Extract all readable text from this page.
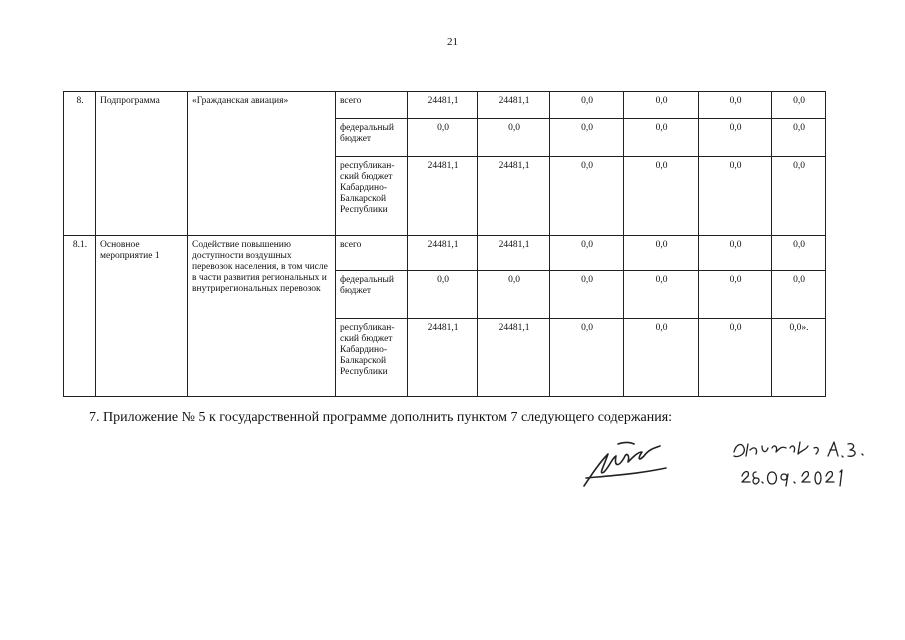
21
8.	Подпрограмма	«Гражданская авиация»	всего	24481,1	24481,1	0,0	0,0	0,0	0,0
			федеральный бюджет	0,0	0,0	0,0	0,0	0,0	0,0
			республикан-ский бюджет Кабардино-Балкарской Республики	24481,1	24481,1	0,0	0,0	0,0	0,0
8.1.	Основное мероприятие 1	Содействие повышению доступности воздушных перевозок населения, в том числе в части развития региональных и внутрирегиональных перевозок	всего	24481,1	24481,1	0,0	0,0	0,0	0,0
			федеральный бюджет	0,0	0,0	0,0	0,0	0,0	0,0
			республикан-ский бюджет Кабардино-Балкарской Республики	24481,1	24481,1	0,0	0,0	0,0	0,0».
7. Приложение № 5 к государственной программе дополнить пунктом 7 следующего содержания:
